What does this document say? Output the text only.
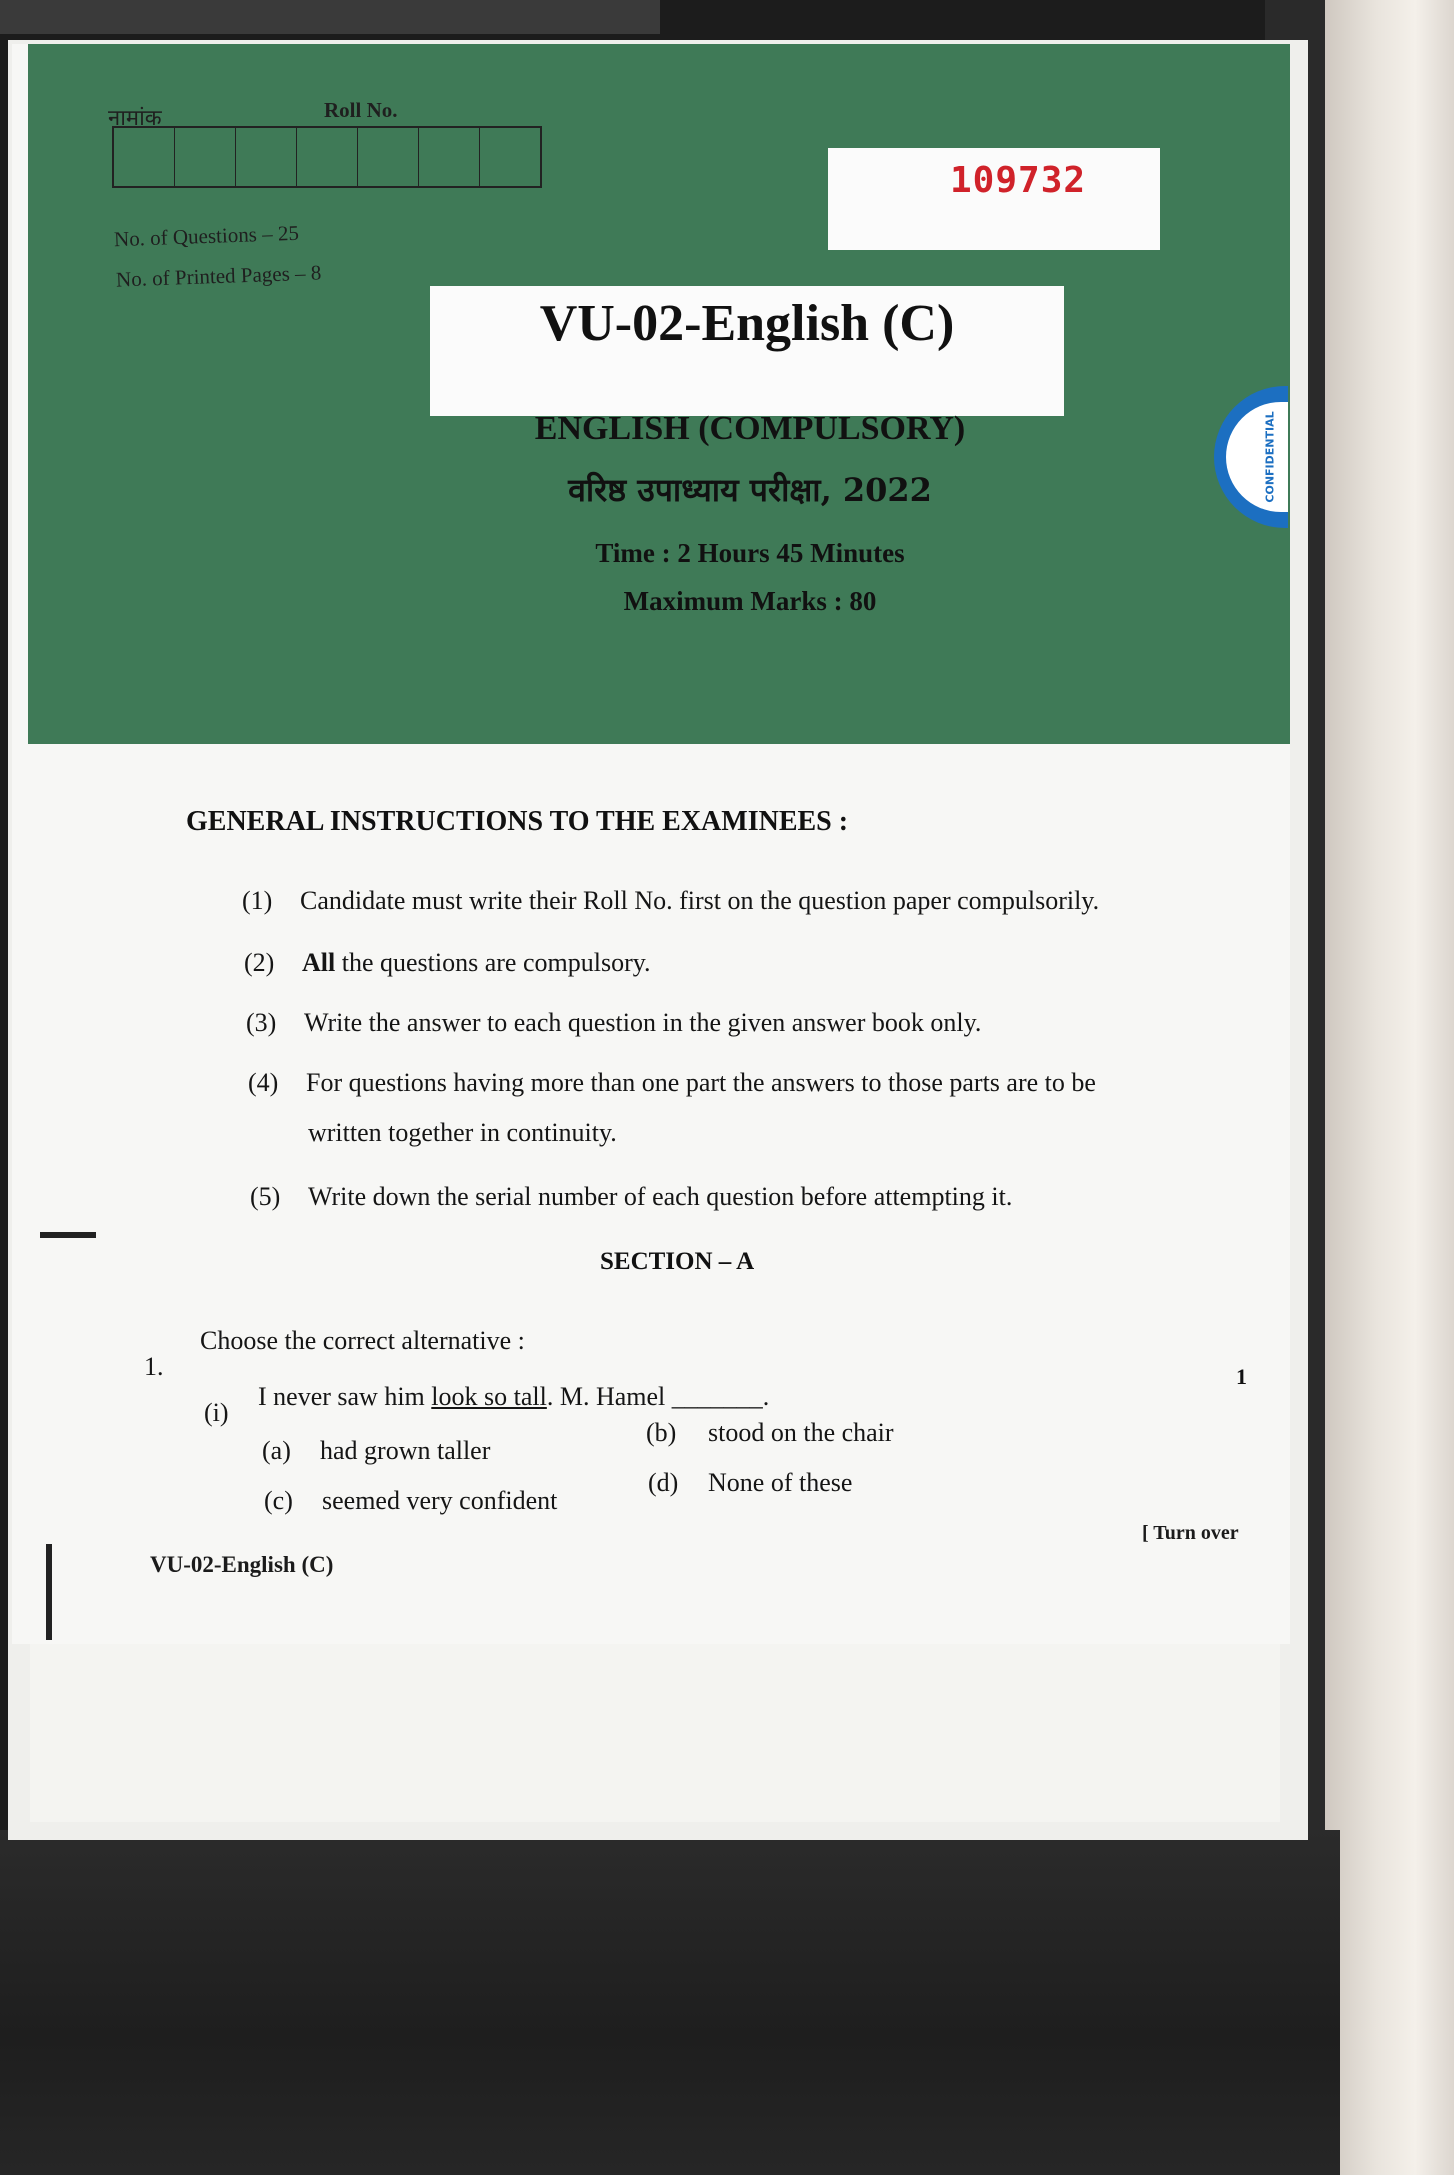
नामांक	Roll No.
No. of Questions – 25
No. of Printed Pages – 8
109732
VU-02-English (C)
ENGLISH (COMPULSORY)
वरिष्ठ उपाध्याय परीक्षा, 2022
Time : 2 Hours 45 Minutes
Maximum Marks : 80
CONFIDENTIAL
GENERAL INSTRUCTIONS TO THE EXAMINEES :
(1) Candidate must write their Roll No. first on the question paper compulsorily.
(2) All the questions are compulsory.
(3) Write the answer to each question in the given answer book only.
(4) For questions having more than one part the answers to those parts are to be
written together in continuity.
(5) Write down the serial number of each question before attempting it.
SECTION – A
1.
Choose the correct alternative :
(i)
I never saw him look so tall. M. Hamel _______.
1
(a) had grown taller
(b) stood on the chair
(c) seemed very confident
(d) None of these
VU-02-English (C)
[ Turn over
